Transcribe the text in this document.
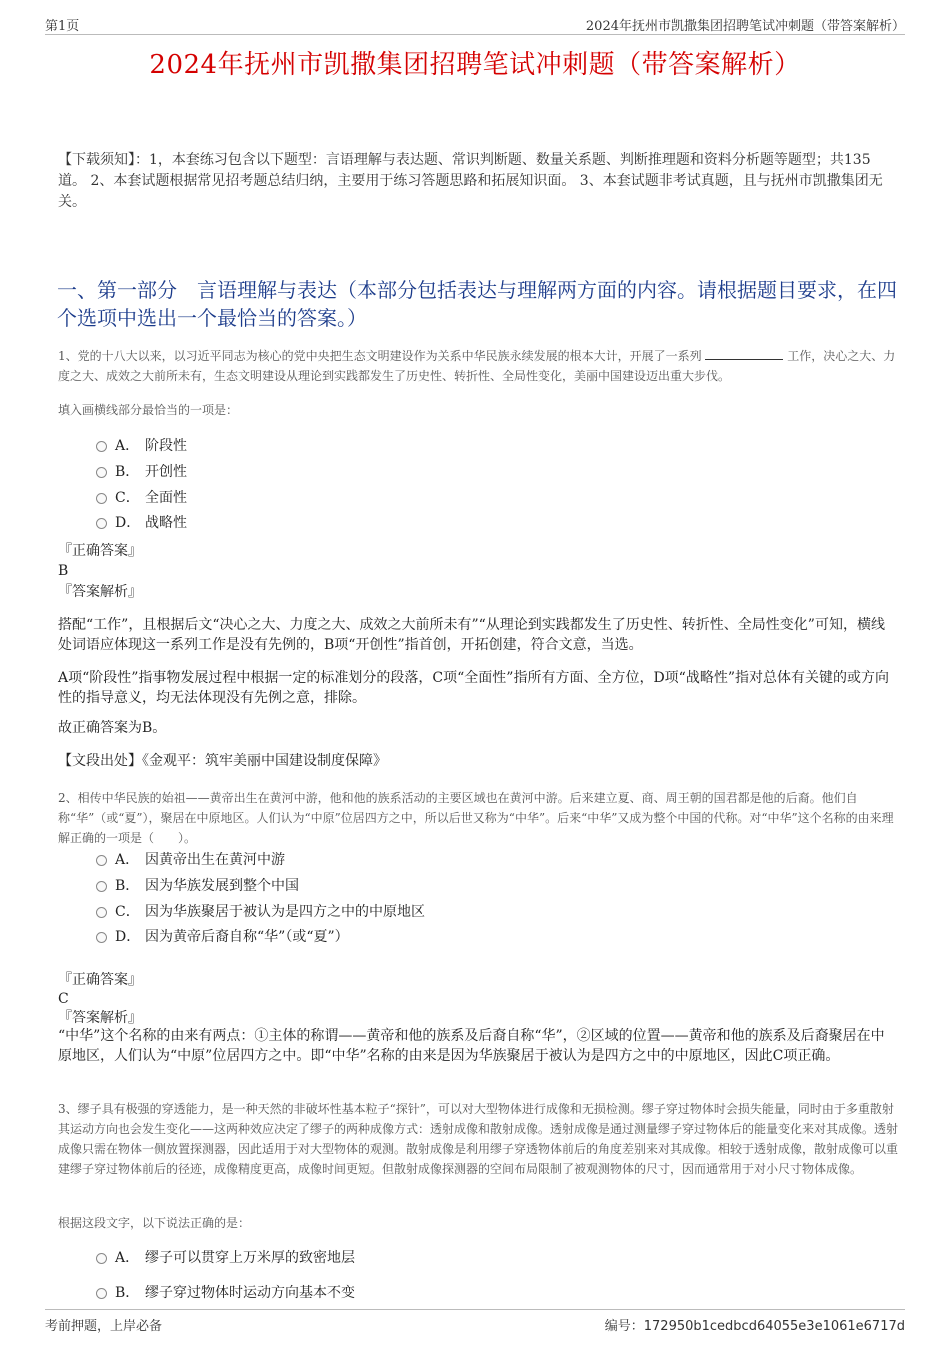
第1页	2024年抚州市凯撒集团招聘笔试冲刺题（带答案解析）
2024年抚州市凯撒集团招聘笔试冲刺题（带答案解析）
【下载须知】：1，本套练习包含以下题型：言语理解与表达题、常识判断题、数量关系题、判断推理题和资料分析题等题型；共135道。 2、本套试题根据常见招考题总结归纳，主要用于练习答题思路和拓展知识面。 3、本套试题非考试真题，且与抚州市凯撒集团无关。
一、第一部分　言语理解与表达（本部分包括表达与理解两方面的内容。请根据题目要求，在四个选项中选出一个最恰当的答案。）
1、党的十八大以来，以习近平同志为核心的党中央把生态文明建设作为关系中华民族永续发展的根本大计，开展了一系列	工作，决心之大、力度之大、成效之大前所未有，生态文明建设从理论到实践都发生了历史性、转折性、全局性变化，美丽中国建设迈出重大步伐。
填入画横线部分最恰当的一项是：
A． 阶段性
B． 开创性
C． 全面性
D． 战略性
『正确答案』
B
『答案解析』
搭配“工作”，且根据后文“决心之大、力度之大、成效之大前所未有”“从理论到实践都发生了历史性、转折性、全局性变化”可知，横线处词语应体现这一系列工作是没有先例的，B项“开创性”指首创，开拓创建，符合文意，当选。
A项“阶段性”指事物发展过程中根据一定的标准划分的段落，C项“全面性”指所有方面、全方位，D项“战略性”指对总体有关键的或方向性的指导意义，均无法体现没有先例之意，排除。
故正确答案为B。
【文段出处】《金观平：筑牢美丽中国建设制度保障》
2、相传中华民族的始祖——黄帝出生在黄河中游，他和他的族系活动的主要区域也在黄河中游。后来建立夏、商、周王朝的国君都是他的后裔。他们自称“华”（或“夏”），聚居在中原地区。人们认为“中原”位居四方之中，所以后世又称为“中华”。后来“中华”又成为整个中国的代称。对“中华”这个名称的由来理解正确的一项是（　　）。
A． 因黄帝出生在黄河中游
B． 因为华族发展到整个中国
C． 因为华族聚居于被认为是四方之中的中原地区
D． 因为黄帝后裔自称“华”（或“夏”）
『正确答案』
C
『答案解析』
“中华”这个名称的由来有两点：①主体的称谓——黄帝和他的族系及后裔自称“华”，②区域的位置——黄帝和他的族系及后裔聚居在中原地区，人们认为“中原”位居四方之中。即“中华”名称的由来是因为华族聚居于被认为是四方之中的中原地区，因此C项正确。
3、缪子具有极强的穿透能力，是一种天然的非破坏性基本粒子“探针”，可以对大型物体进行成像和无损检测。缪子穿过物体时会损失能量，同时由于多重散射其运动方向也会发生变化——这两种效应决定了缪子的两种成像方式：透射成像和散射成像。透射成像是通过测量缪子穿过物体后的能量变化来对其成像。透射成像只需在物体一侧放置探测器，因此适用于对大型物体的观测。散射成像是利用缪子穿透物体前后的角度差别来对其成像。相较于透射成像，散射成像可以重建缪子穿过物体前后的径迹，成像精度更高，成像时间更短。但散射成像探测器的空间布局限制了被观测物体的尺寸，因而通常用于对小尺寸物体成像。
根据这段文字，以下说法正确的是：
A． 缪子可以贯穿上万米厚的致密地层
B． 缪子穿过物体时运动方向基本不变
考前押题，上岸必备	编号：172950b1cedbcd64055e3e1061e6717d
